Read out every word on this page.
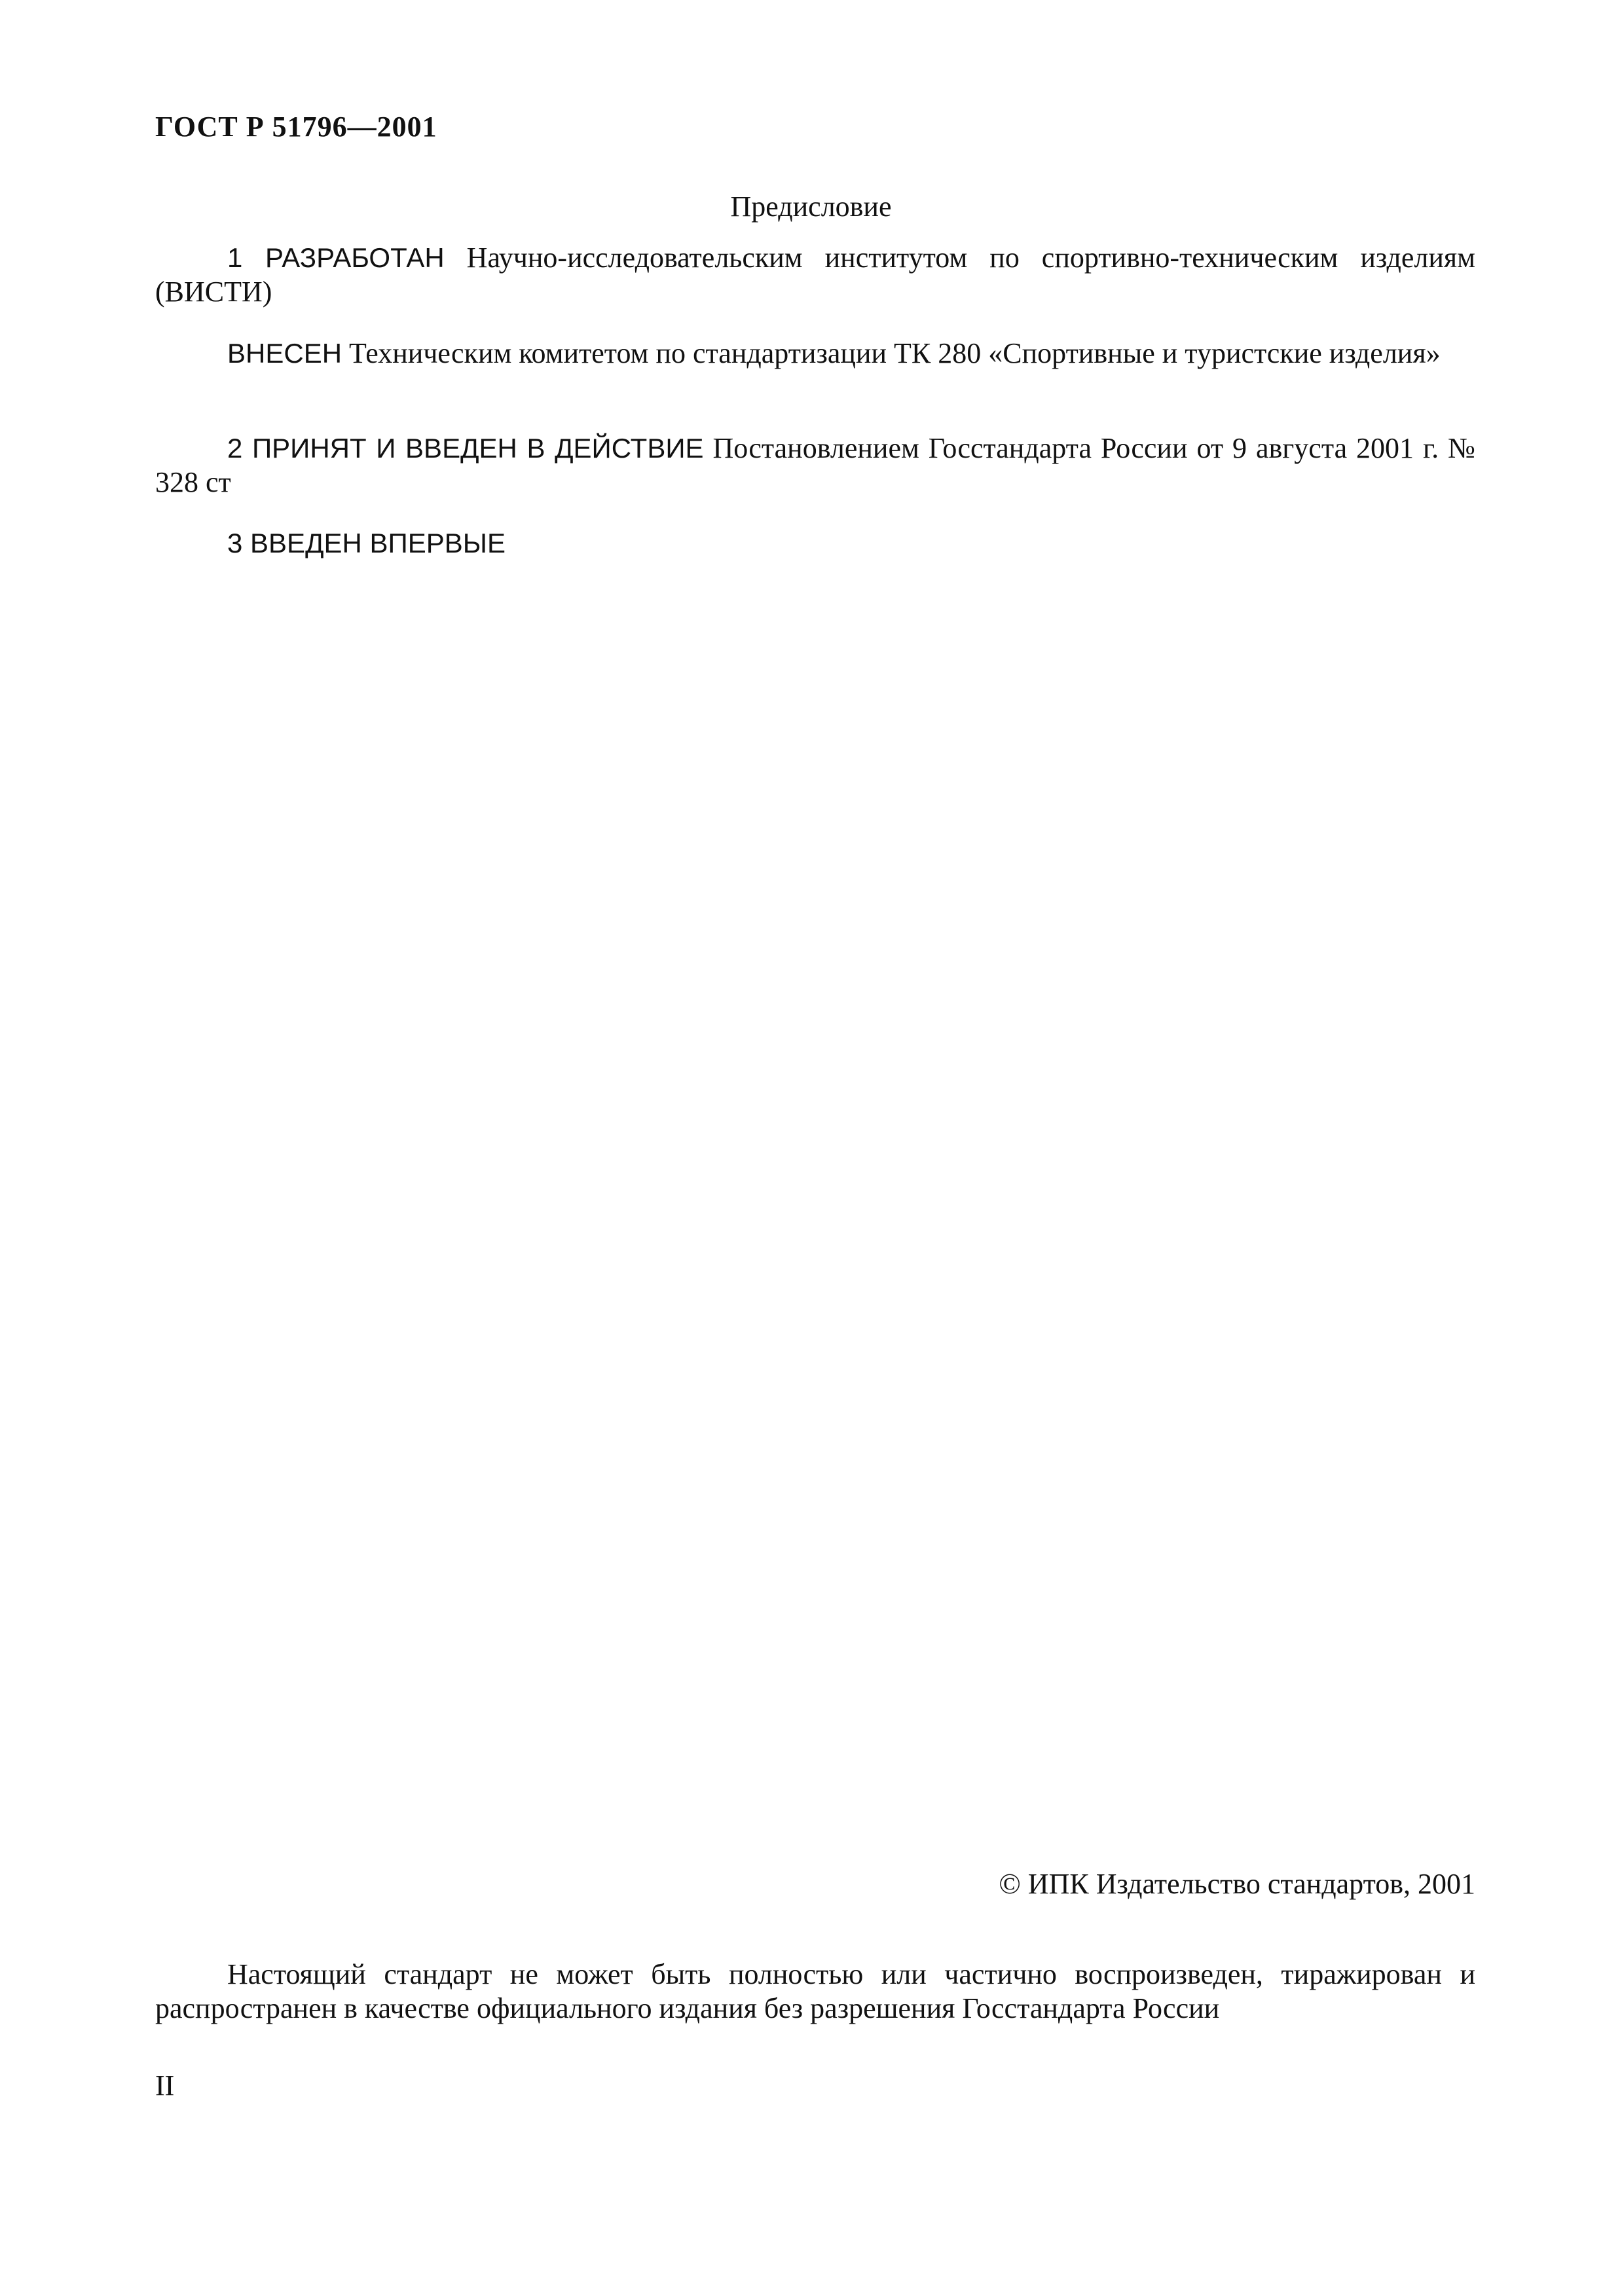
ГОСТ Р 51796—2001
Предисловие

1 РАЗРАБОТАН Научно-исследовательским институтом по спортивно-техническим изделиям (ВИСТИ)

ВНЕСЕН Техническим комитетом по стандартизации ТК 280 «Спортивные и туристские изделия»

2 ПРИНЯТ И ВВЕДЕН В ДЕЙСТВИЕ Постановлением Госстандарта России от 9 августа 2001 г. № 328 ст

3 ВВЕДЕН ВПЕРВЫЕ

© ИПК Издательство стандартов, 2001

Настоящий стандарт не может быть полностью или частично воспроизведен, тиражирован и распространен в качестве официального издания без разрешения Госстандарта России

II
